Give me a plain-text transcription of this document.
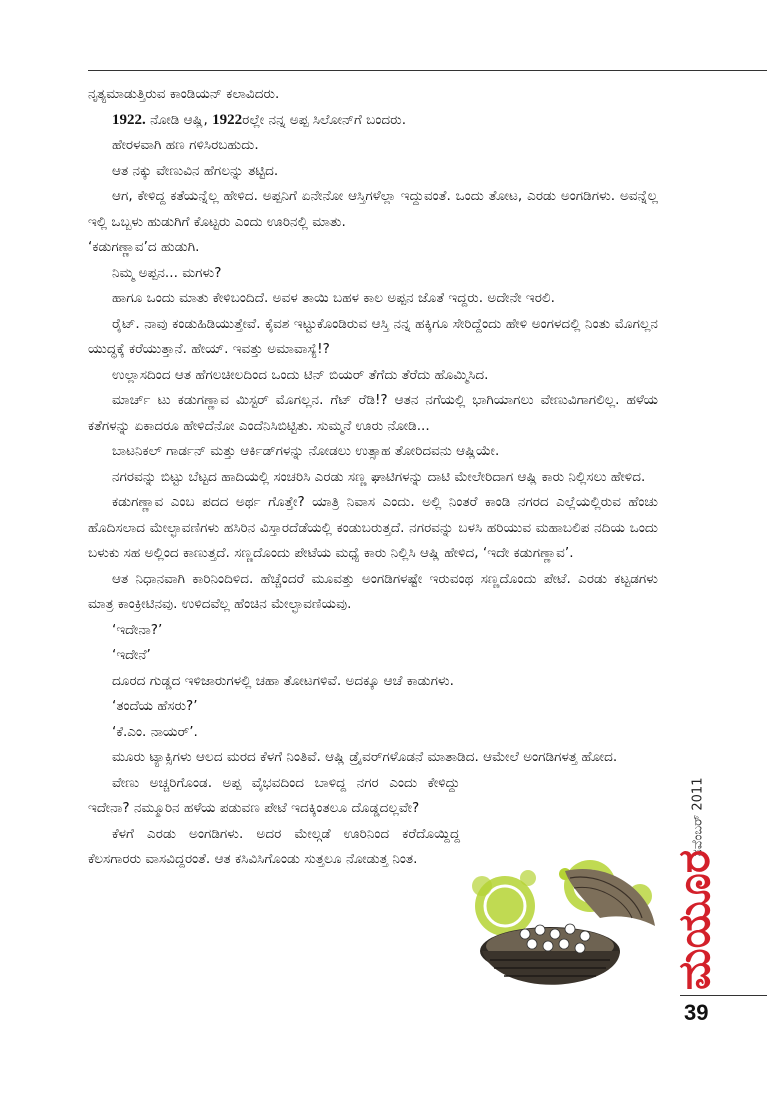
ನೃತ್ಯಮಾಡುತ್ತಿರುವ ಕಾಂಡಿಯನ್ ಕಲಾವಿದರು.

1922. ನೋಡಿ ಆಷ್ಲಿ, 1922ರಲ್ಲೇ ನನ್ನ ಅಪ್ಪ ಸಿಲೋನ್‌ಗೆ ಬಂದರು.

ಹೇರಳವಾಗಿ ಹಣ ಗಳಿಸಿರಬಹುದು.

ಆತ ನಕ್ಕು ವೇಣುವಿನ ಹೆಗಲನ್ನು ತಟ್ಟಿದ.

ಆಗ, ಕೇಳಿದ್ದ ಕತೆಯನ್ನೆಲ್ಲ ಹೇಳಿದ. ಅಪ್ಪನಿಗೆ ಏನೇನೋ ಆಸ್ತಿಗಳೆಲ್ಲಾ ಇದ್ದುವಂತೆ. ಒಂದು ತೋಟ, ಎರಡು ಅಂಗಡಿಗಳು. ಅವನ್ನೆಲ್ಲ ಇಲ್ಲಿ ಒಬ್ಬಳು ಹುಡುಗಿಗೆ ಕೊಟ್ಟರು ಎಂದು ಊರಿನಲ್ಲಿ ಮಾತು.

‘ಕಡುಗಣ್ಣಾವ’ದ ಹುಡುಗಿ.

ನಿಮ್ಮ ಅಪ್ಪನ... ಮಗಳು?

ಹಾಗೂ ಒಂದು ಮಾತು ಕೇಳಿಬಂದಿದೆ. ಅವಳ ತಾಯಿ ಬಹಳ ಕಾಲ ಅಪ್ಪನ ಜೊತೆ ಇದ್ದರು. ಅದೇನೇ ಇರಲಿ.

ರೈಟ್. ನಾವು ಕಂಡುಹಿಡಿಯುತ್ತೇವೆ. ಕೈವಶ ಇಟ್ಟುಕೊಂಡಿರುವ ಆಸ್ತಿ ನನ್ನ ಹಕ್ಕಿಗೂ ಸೇರಿದ್ದೆಂದು ಹೇಳಿ ಅಂಗಳದಲ್ಲಿ ನಿಂತು ಮೊಗಲ್ಲನ ಯುದ್ಧಕ್ಕೆ ಕರೆಯುತ್ತಾನೆ. ಹೇಯ್. ಇವತ್ತು ಅಮಾವಾಸ್ಯೆ!?

ಉಲ್ಲಾಸದಿಂದ ಆತ ಹೆಗಲಚೀಲದಿಂದ ಒಂದು ಟಿನ್ ಬಿಯರ್ ತೆಗೆದು ತೆರೆದು ಹೊಮ್ಮಿಸಿದ.

ಮಾರ್ಚ್ ಟು ಕಡುಗಣ್ಣಾವ ಮಿಸ್ಟರ್ ಮೊಗಲ್ಲನ. ಗೆಟ್ ರೆಡಿ!? ಆತನ ನಗೆಯಲ್ಲಿ ಭಾಗಿಯಾಗಲು ವೇಣುವಿಗಾಗಲಿಲ್ಲ. ಹಳೆಯ ಕತೆಗಳನ್ನು ಏಕಾದರೂ ಹೇಳಿದೆನೋ ಎಂದೆನಿಸಿಬಿಟ್ಟಿತು. ಸುಮ್ಮನೆ ಊರು ನೋಡಿ...

ಬಾಟನಿಕಲ್ ಗಾರ್ಡನ್ ಮತ್ತು ಆರ್ಕಿಡ್‌ಗಳನ್ನು ನೋಡಲು ಉತ್ಸಾಹ ತೋರಿದವನು ಆಷ್ಲಿಯೇ.

ನಗರವನ್ನು ಬಿಟ್ಟು ಬೆಟ್ಟದ ಹಾದಿಯಲ್ಲಿ ಸಂಚರಿಸಿ ಎರಡು ಸಣ್ಣ ಘಾಟಿಗಳನ್ನು ದಾಟಿ ಮೇಲೇರಿದಾಗ ಆಷ್ಲಿ ಕಾರು ನಿಲ್ಲಿಸಲು ಹೇಳಿದ.

ಕಡುಗಣ್ಣಾವ ಎಂಬ ಪದದ ಅರ್ಥ ಗೊತ್ತೇ? ಯಾತ್ರಿ ನಿವಾಸ ಎಂದು. ಅಲ್ಲಿ ನಿಂತರೆ ಕಾಂಡಿ ನಗರದ ಎಲ್ಲೆಯಲ್ಲಿರುವ ಹೆಂಚು ಹೊದಿಸಲಾದ ಮೇಲ್ಛಾವಣಿಗಳು ಹಸಿರಿನ ವಿಸ್ತಾರದೆಡೆಯಲ್ಲಿ ಕಂಡುಬರುತ್ತದೆ. ನಗರವನ್ನು ಬಳಸಿ ಹರಿಯುವ ಮಹಾಬಲಿಪ ನದಿಯ ಒಂದು ಬಳುಕು ಸಹ ಅಲ್ಲಿಂದ ಕಾಣುತ್ತದೆ. ಸಣ್ಣದೊಂದು ಪೇಟೆಯ ಮಧ್ಯೆ ಕಾರು ನಿಲ್ಲಿಸಿ ಆಷ್ಲಿ ಹೇಳಿದ, ‘ಇದೇ ಕಡುಗಣ್ಣಾವ’.

ಆತ ನಿಧಾನವಾಗಿ ಕಾರಿನಿಂದಿಳಿದ. ಹೆಚ್ಚೆಂದರೆ ಮೂವತ್ತು ಅಂಗಡಿಗಳಷ್ಟೇ ಇರುವಂಥ ಸಣ್ಣದೊಂದು ಪೇಟೆ. ಎರಡು ಕಟ್ಟಡಗಳು ಮಾತ್ರ ಕಾಂಕ್ರೀಟಿನವು. ಉಳಿದವೆಲ್ಲ ಹೆಂಚಿನ ಮೇಲ್ಛಾವಣಿಯವು.

‘ಇದೇನಾ?’

‘ಇದೇನೆ’

ದೂರದ ಗುಡ್ಡದ ಇಳಿಜಾರುಗಳಲ್ಲಿ ಚಹಾ ತೋಟಗಳಿವೆ. ಅದಕ್ಕೂ ಆಚೆ ಕಾಡುಗಳು.

‘ತಂದೆಯ ಹೆಸರು?’

‘ಕೆ.ಎಂ. ನಾಯರ್’.

ಮೂರು ಟ್ಯಾಕ್ಸಿಗಳು ಆಲದ ಮರದ ಕೆಳಗೆ ನಿಂತಿವೆ. ಆಷ್ಲಿ ಡ್ರೈವರ್‌ಗಳೊಡನೆ ಮಾತಾಡಿದ. ಆಮೇಲೆ ಅಂಗಡಿಗಳತ್ತ ಹೋದ.

ವೇಣು ಅಚ್ಚರಿಗೊಂಡ. ಅಪ್ಪ ವೈಭವದಿಂದ ಬಾಳಿದ್ದ ನಗರ ಎಂದು ಕೇಳಿದ್ದು ಇದೇನಾ? ನಮ್ಮೂರಿನ ಹಳೆಯ ಪಡುವಣ ಪೇಟೆ ಇದಕ್ಕಿಂತಲೂ ದೊಡ್ಡದಲ್ಲವೇ?

ಕೆಳಗೆ ಎರಡು ಅಂಗಡಿಗಳು. ಅದರ ಮೇಲ್ಗಡೆ ಊರಿನಿಂದ ಕರೆದೊಯ್ದಿದ್ದ ಕೆಲಸಗಾರರು ವಾಸವಿದ್ದರಂತೆ. ಆತ ಕಸಿವಿಸಿಗೊಂಡು ಸುತ್ತಲೂ ನೋಡುತ್ತ ನಿಂತ.

ನವೆಂಬರ್ 2011
ಮಯೂರ
39
